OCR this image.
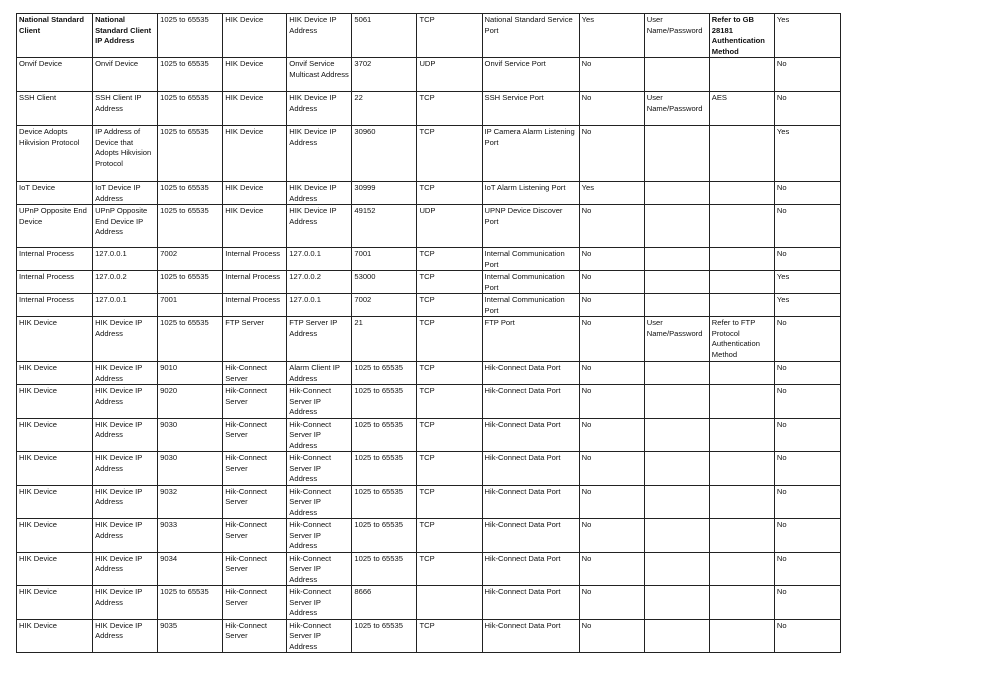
National Standard Client	National Standard Client IP Address	1025 to 65535	HIK Device	HIK Device IP Address	5061	TCP	National Standard Service Port	Yes	User Name/Password	Refer to GB 28181 Authentication Method	Yes
Onvif Device	Onvif Device	1025 to 65535	HIK Device	Onvif Service Multicast Address	3702	UDP	Onvif Service Port	No			No
SSH Client	SSH Client IP Address	1025 to 65535	HIK Device	HIK Device IP Address	22	TCP	SSH Service Port	No	User Name/Password	AES	No
Device Adopts Hikvision Protocol	IP Address of Device that Adopts Hikvision Protocol	1025 to 65535	HIK Device	HIK Device IP Address	30960	TCP	IP Camera Alarm Listening Port	No			Yes
IoT Device	IoT Device IP Address	1025 to 65535	HIK Device	HIK Device IP Address	30999	TCP	IoT Alarm Listening Port	Yes			No
UPnP Opposite End Device	UPnP Opposite End Device IP Address	1025 to 65535	HIK Device	HIK Device IP Address	49152	UDP	UPNP Device Discover Port	No			No
Internal Process	127.0.0.1	7002	Internal Process	127.0.0.1	7001	TCP	Internal Communication Port	No			No
Internal Process	127.0.0.2	1025 to 65535	Internal Process	127.0.0.2	53000	TCP	Internal Communication Port	No			Yes
Internal Process	127.0.0.1	7001	Internal Process	127.0.0.1	7002	TCP	Internal Communication Port	No			Yes
HIK Device	HIK Device IP Address	1025 to 65535	FTP Server	FTP Server IP Address	21	TCP	FTP Port	No	User Name/Password	Refer to FTP Protocol Authentication Method	No
HIK Device	HIK Device IP Address	9010	Hik-Connect Server	Alarm Client IP Address	1025 to 65535	TCP	Hik-Connect Data Port	No			No
HIK Device	HIK Device IP Address	9020	Hik-Connect Server	Hik-Connect Server IP Address	1025 to 65535	TCP	Hik-Connect Data Port	No			No
HIK Device	HIK Device IP Address	9030	Hik-Connect Server	Hik-Connect Server IP Address	1025 to 65535	TCP	Hik-Connect Data Port	No			No
HIK Device	HIK Device IP Address	9030	Hik-Connect Server	Hik-Connect Server IP Address	1025 to 65535	TCP	Hik-Connect Data Port	No			No
HIK Device	HIK Device IP Address	9032	Hik-Connect Server	Hik-Connect Server IP Address	1025 to 65535	TCP	Hik-Connect Data Port	No			No
HIK Device	HIK Device IP Address	9033	Hik-Connect Server	Hik-Connect Server IP Address	1025 to 65535	TCP	Hik-Connect Data Port	No			No
HIK Device	HIK Device IP Address	9034	Hik-Connect Server	Hik-Connect Server IP Address	1025 to 65535	TCP	Hik-Connect Data Port	No			No
HIK Device	HIK Device IP Address	1025 to 65535	Hik-Connect Server	Hik-Connect Server IP Address	8666		Hik-Connect Data Port	No			No
HIK Device	HIK Device IP Address	9035	Hik-Connect Server	Hik-Connect Server IP Address	1025 to 65535	TCP	Hik-Connect Data Port	No			No
